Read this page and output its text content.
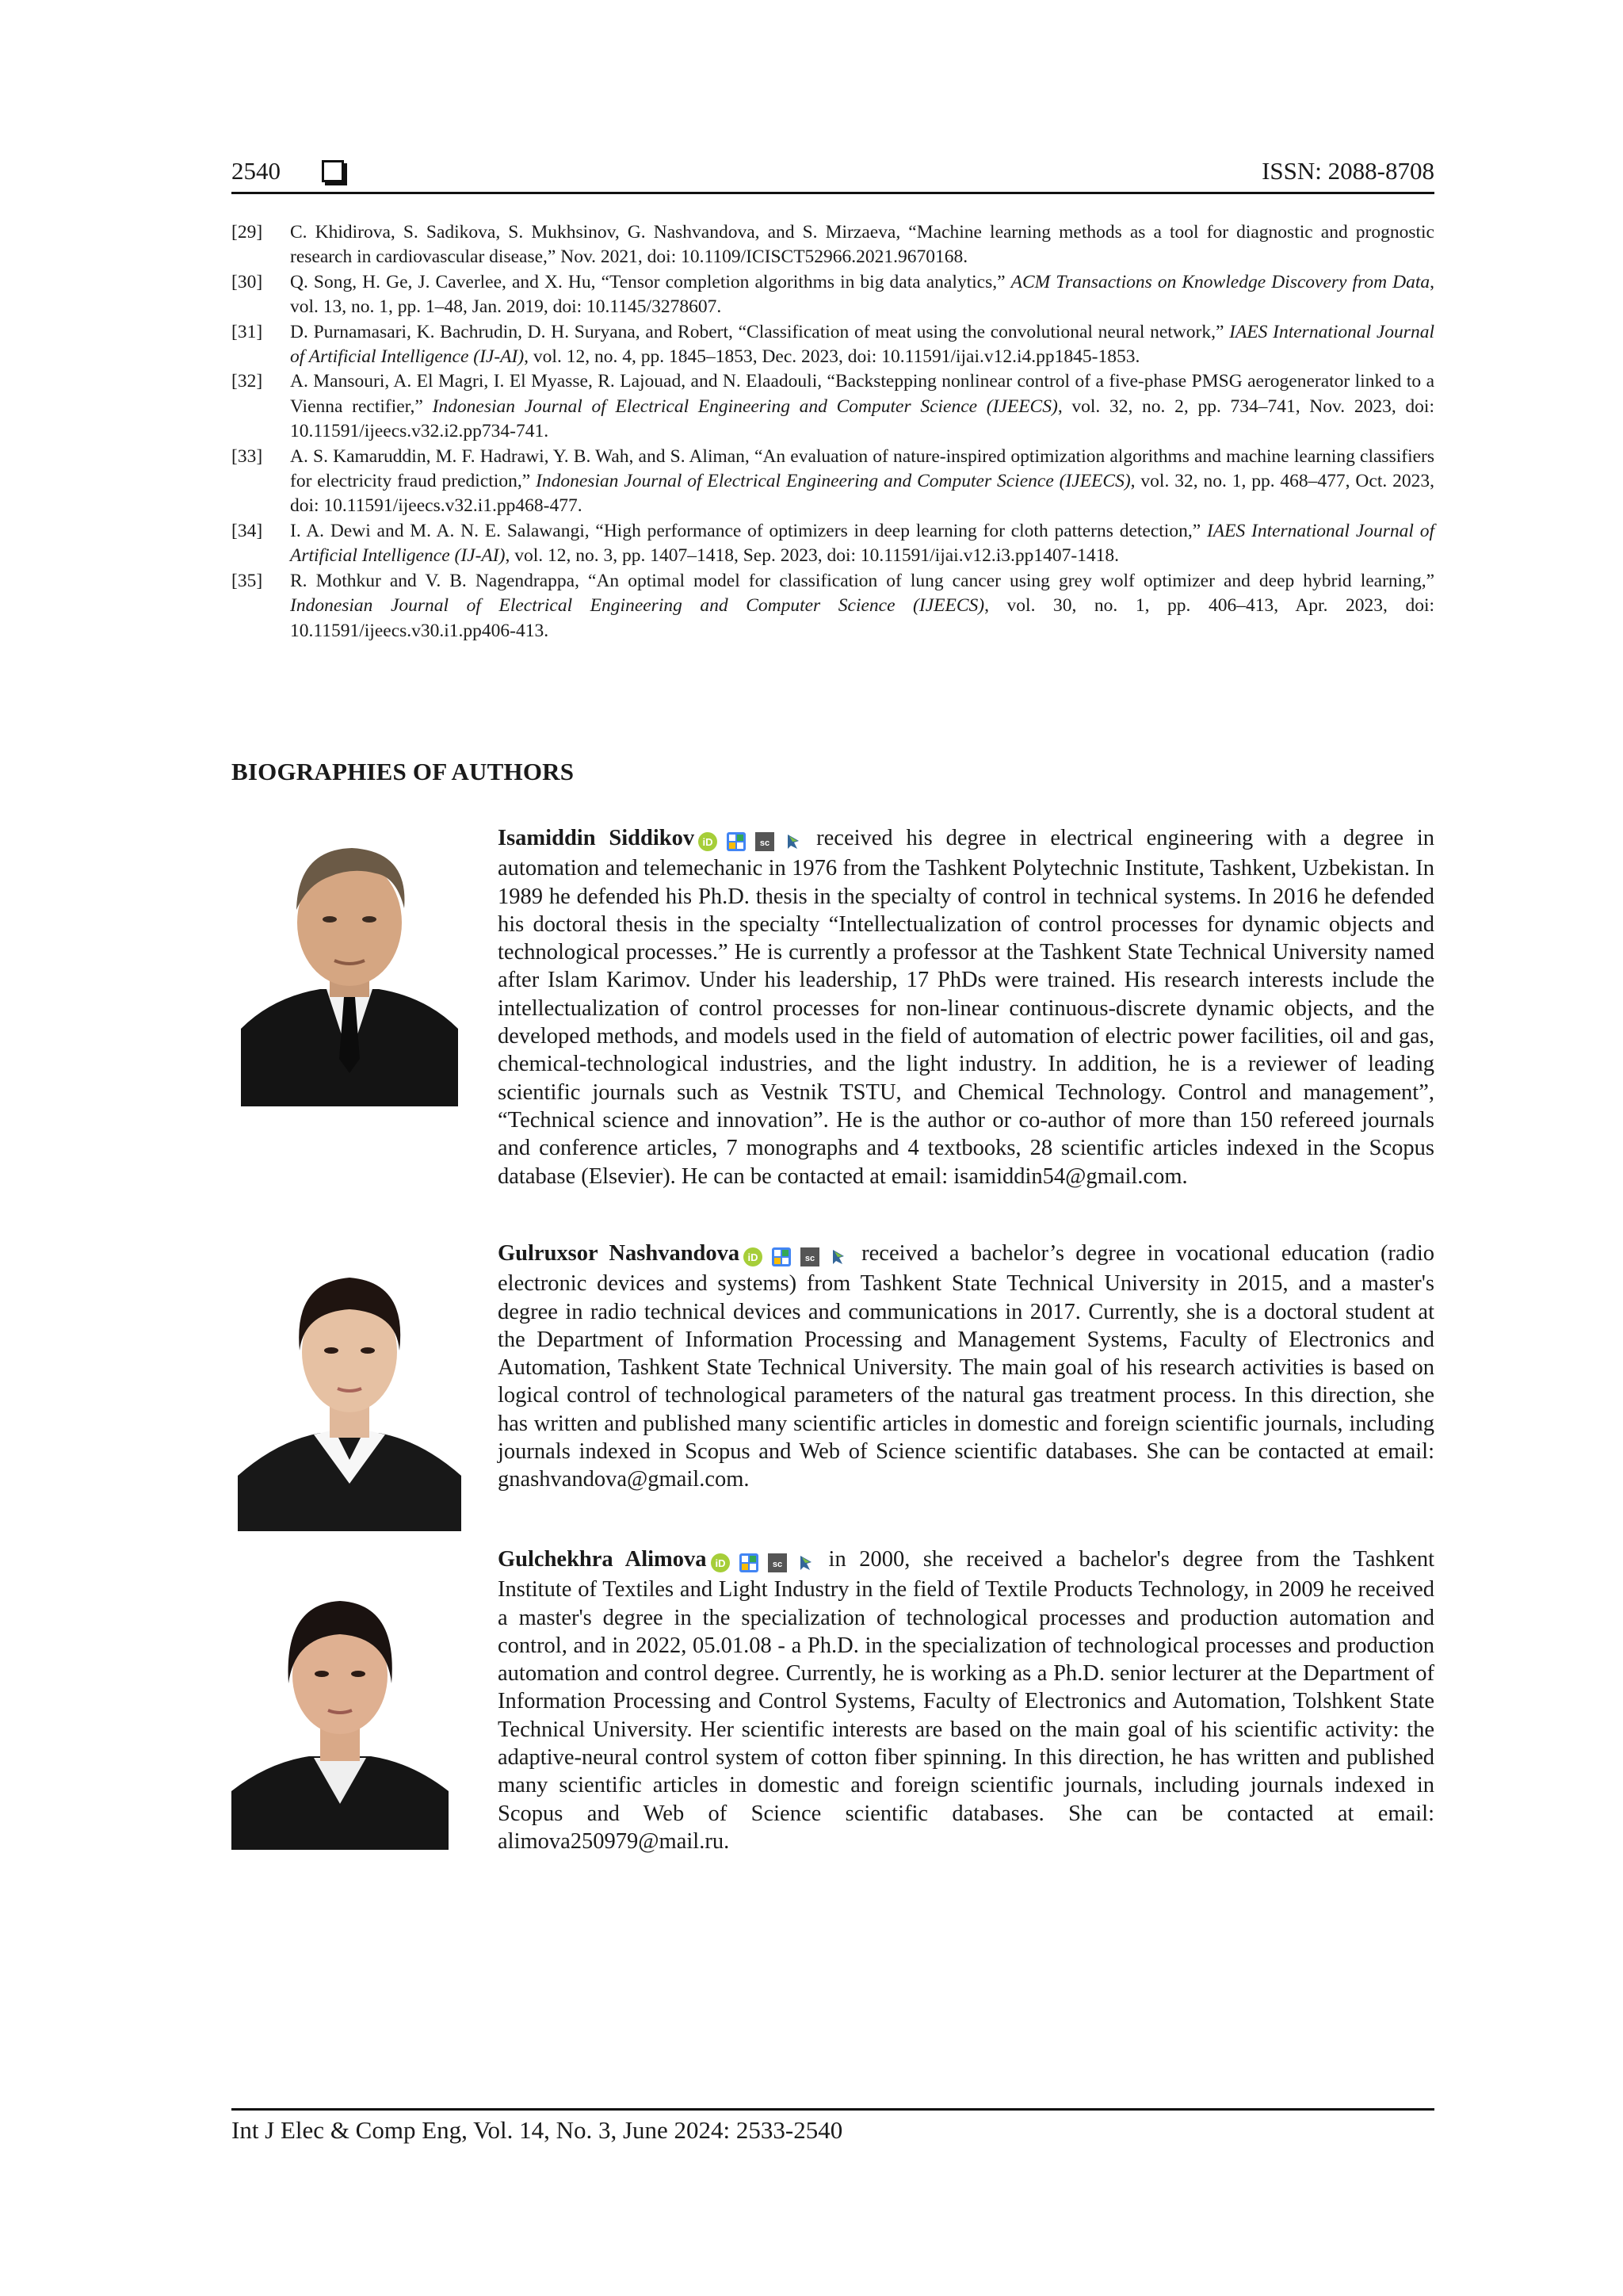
2540	ISSN: 2088-8708
[29]	C. Khidirova, S. Sadikova, S. Mukhsinov, G. Nashvandova, and S. Mirzaeva, “Machine learning methods as a tool for diagnostic and prognostic research in cardiovascular disease,” Nov. 2021, doi: 10.1109/ICISCT52966.2021.9670168.
[30]	Q. Song, H. Ge, J. Caverlee, and X. Hu, “Tensor completion algorithms in big data analytics,” ACM Transactions on Knowledge Discovery from Data, vol. 13, no. 1, pp. 1–48, Jan. 2019, doi: 10.1145/3278607.
[31]	D. Purnamasari, K. Bachrudin, D. H. Suryana, and Robert, “Classification of meat using the convolutional neural network,” IAES International Journal of Artificial Intelligence (IJ-AI), vol. 12, no. 4, pp. 1845–1853, Dec. 2023, doi: 10.11591/ijai.v12.i4.pp1845-1853.
[32]	A. Mansouri, A. El Magri, I. El Myasse, R. Lajouad, and N. Elaadouli, “Backstepping nonlinear control of a five-phase PMSG aerogenerator linked to a Vienna rectifier,” Indonesian Journal of Electrical Engineering and Computer Science (IJEECS), vol. 32, no. 2, pp. 734–741, Nov. 2023, doi: 10.11591/ijeecs.v32.i2.pp734-741.
[33]	A. S. Kamaruddin, M. F. Hadrawi, Y. B. Wah, and S. Aliman, “An evaluation of nature-inspired optimization algorithms and machine learning classifiers for electricity fraud prediction,” Indonesian Journal of Electrical Engineering and Computer Science (IJEECS), vol. 32, no. 1, pp. 468–477, Oct. 2023, doi: 10.11591/ijeecs.v32.i1.pp468-477.
[34]	I. A. Dewi and M. A. N. E. Salawangi, “High performance of optimizers in deep learning for cloth patterns detection,” IAES International Journal of Artificial Intelligence (IJ-AI), vol. 12, no. 3, pp. 1407–1418, Sep. 2023, doi: 10.11591/ijai.v12.i3.pp1407-1418.
[35]	R. Mothkur and V. B. Nagendrappa, “An optimal model for classification of lung cancer using grey wolf optimizer and deep hybrid learning,” Indonesian Journal of Electrical Engineering and Computer Science (IJEECS), vol. 30, no. 1, pp. 406–413, Apr. 2023, doi: 10.11591/ijeecs.v30.i1.pp406-413.
BIOGRAPHIES OF AUTHORS
Isamiddin Siddikov iD	sc received his degree in electrical engineering with a degree in automation and telemechanic in 1976 from the Tashkent Polytechnic Institute, Tashkent, Uzbekistan. In 1989 he defended his Ph.D. thesis in the specialty of control in technical systems. In 2016 he defended his doctoral thesis in the specialty “Intellectualization of control processes for dynamic objects and technological processes.” He is currently a professor at the Tashkent State Technical University named after Islam Karimov. Under his leadership, 17 PhDs were trained. His research interests include the intellectualization of control processes for non-linear continuous-discrete dynamic objects, and the developed methods, and models used in the field of automation of electric power facilities, oil and gas, chemical-technological industries, and the light industry. In addition, he is a reviewer of leading scientific journals such as Vestnik TSTU, and Chemical Technology. Control and management”, “Technical science and innovation”. He is the author or co-author of more than 150 refereed journals and conference articles, 7 monographs and 4 textbooks, 28 scientific articles indexed in the Scopus database (Elsevier). He can be contacted at email: isamiddin54@gmail.com.
Gulruxsor Nashvandova iD	sc received a bachelor’s degree in vocational education (radio electronic devices and systems) from Tashkent State Technical University in 2015, and a master's degree in radio technical devices and communications in 2017. Currently, she is a doctoral student at the Department of Information Processing and Management Systems, Faculty of Electronics and Automation, Tashkent State Technical University. The main goal of his research activities is based on logical control of technological parameters of the natural gas treatment process. In this direction, she has written and published many scientific articles in domestic and foreign scientific journals, including journals indexed in Scopus and Web of Science scientific databases. She can be contacted at email: gnashvandova@gmail.com.
Gulchekhra Alimova iD	sc in 2000, she received a bachelor's degree from the Tashkent Institute of Textiles and Light Industry in the field of Textile Products Technology, in 2009 he received a master's degree in the specialization of technological processes and production automation and control, and in 2022, 05.01.08 - a Ph.D. in the specialization of technological processes and production automation and control degree. Currently, he is working as a Ph.D. senior lecturer at the Department of Information Processing and Control Systems, Faculty of Electronics and Automation, Tolshkent State Technical University. Her scientific interests are based on the main goal of his scientific activity: the adaptive-neural control system of cotton fiber spinning. In this direction, he has written and published many scientific articles in domestic and foreign scientific journals, including journals indexed in Scopus and Web of Science scientific databases. She can be contacted at email: alimova250979@mail.ru.
Int J Elec & Comp Eng, Vol. 14, No. 3, June 2024: 2533-2540
